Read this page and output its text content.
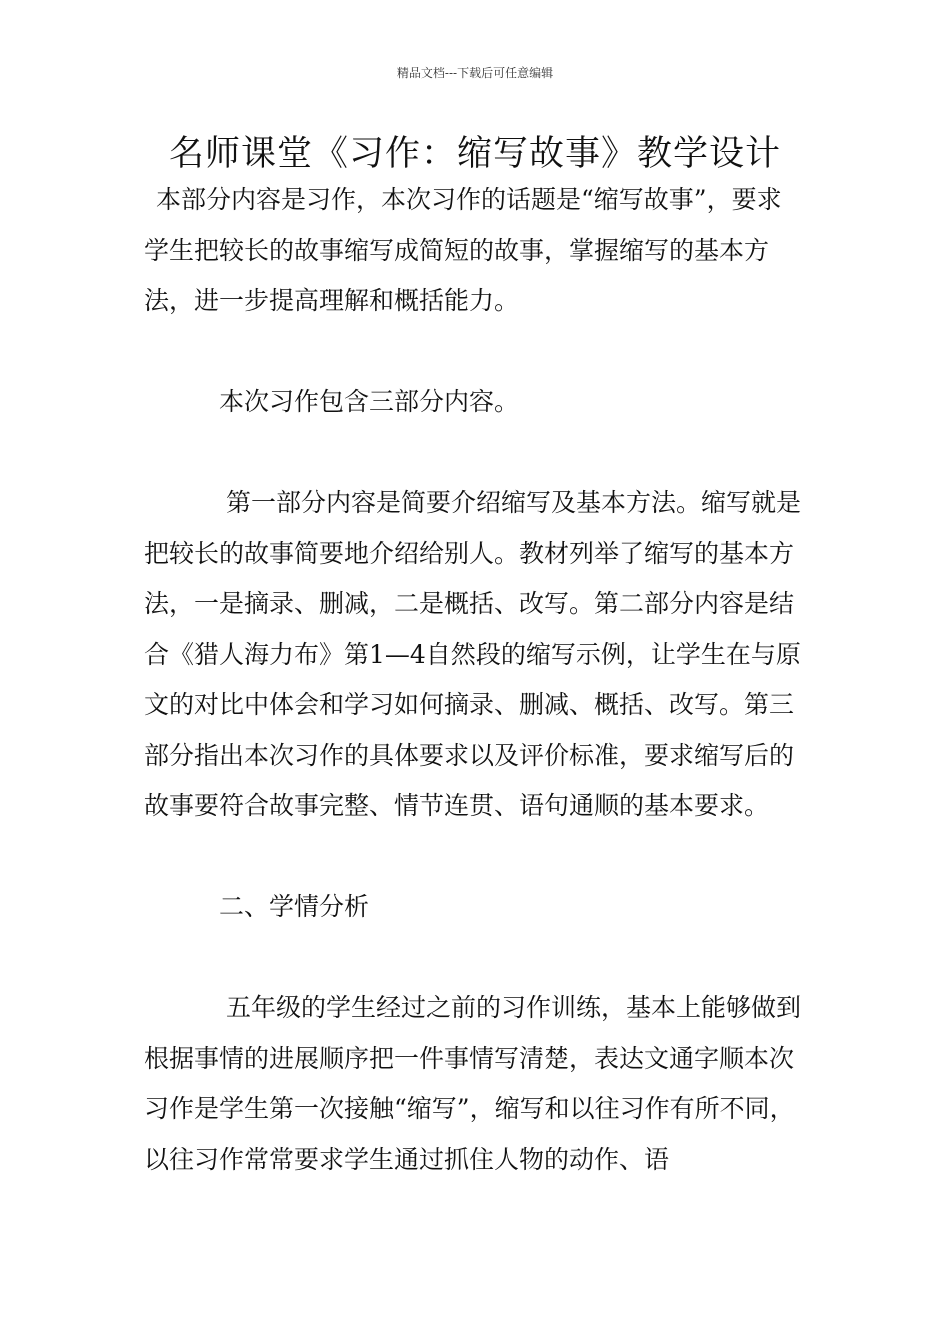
精品文档---下载后可任意编辑
名师课堂《习作：缩写故事》教学设计

本部分内容是习作，本次习作的话题是“缩写故事”，要求学生把较长的故事缩写成简短的故事，掌握缩写的基本方法，进一步提高理解和概括能力。

本次习作包含三部分内容。

第一部分内容是简要介绍缩写及基本方法。缩写就是把较长的故事简要地介绍给别人。教材列举了缩写的基本方法，一是摘录、删减，二是概括、改写。第二部分内容是结合《猎人海力布》第1—4自然段的缩写示例，让学生在与原文的对比中体会和学习如何摘录、删减、概括、改写。第三部分指出本次习作的具体要求以及评价标准，要求缩写后的故事要符合故事完整、情节连贯、语句通顺的基本要求。

二、学情分析

五年级的学生经过之前的习作训练，基本上能够做到根据事情的进展顺序把一件事情写清楚，表达文通字顺本次习作是学生第一次接触“缩写”，缩写和以往习作有所不同，以往习作常常要求学生通过抓住人物的动作、语
